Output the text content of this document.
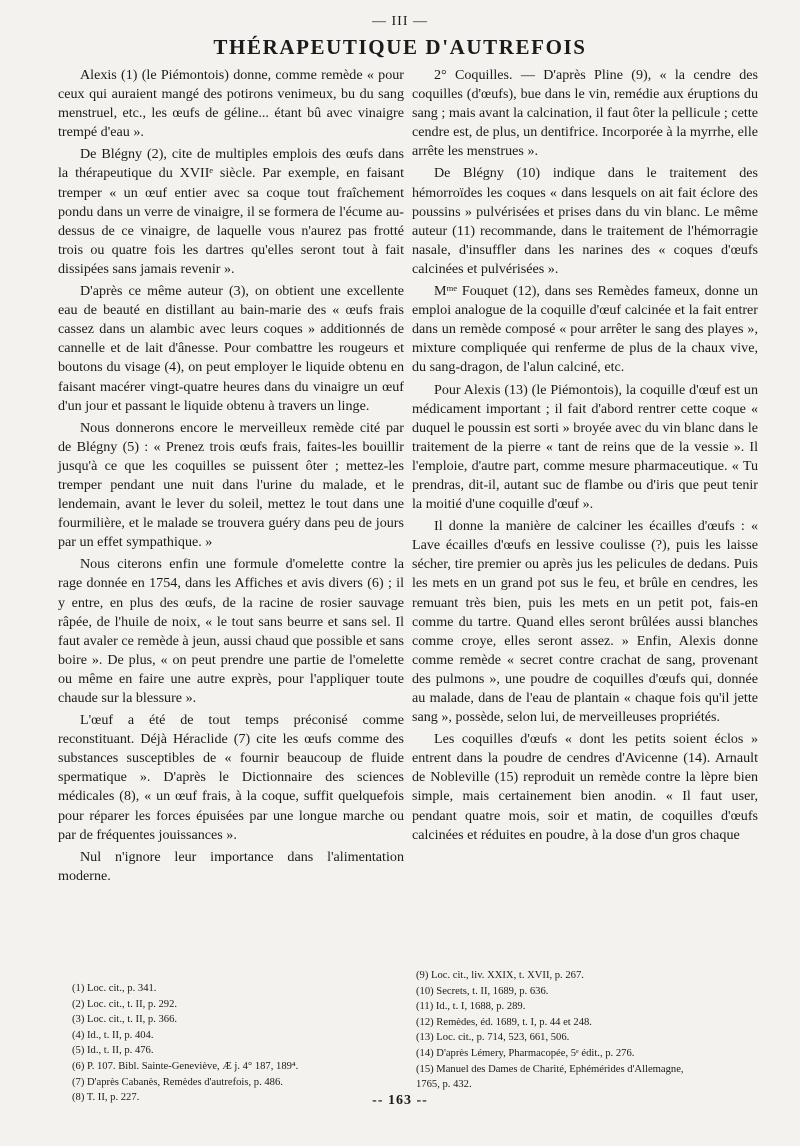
— III —
THÉRAPEUTIQUE D'AUTREFOIS

Alexis (1) (le Piémontois) donne, comme remède « pour ceux qui auraient mangé des potirons venimeux, bu du sang menstruel, etc., les œufs de géline... étant bû avec vinaigre trempé d'eau ».

De Blégny (2), cite de multiples emplois des œufs dans la thérapeutique du XVIIᵉ siècle. Par exemple, en faisant tremper « un œuf entier avec sa coque tout fraîchement pondu dans un verre de vinaigre, il se formera de l'écume au-dessus de ce vinaigre, de laquelle vous n'aurez pas frotté trois ou quatre fois les dartres qu'elles seront tout à fait dissipées sans jamais revenir ».

D'après ce même auteur (3), on obtient une excellente eau de beauté en distillant au bain-marie des « œufs frais cassez dans un alambic avec leurs coques » additionnés de cannelle et de lait d'ânesse. Pour combattre les rougeurs et boutons du visage (4), on peut employer le liquide obtenu en faisant macérer vingt-quatre heures dans du vinaigre un œuf d'un jour et passant le liquide obtenu à travers un linge.

Nous donnerons encore le merveilleux remède cité par de Blégny (5) : « Prenez trois œufs frais, faites-les bouillir jusqu'à ce que les coquilles se puissent ôter ; mettez-les tremper pendant une nuit dans l'urine du malade, et le lendemain, avant le lever du soleil, mettez le tout dans une fourmilière, et le malade se trouvera guéry dans peu de jours par un effet sympathique. »

Nous citerons enfin une formule d'omelette contre la rage donnée en 1754, dans les Affiches et avis divers (6) ; il y entre, en plus des œufs, de la racine de rosier sauvage râpée, de l'huile de noix, « le tout sans beurre et sans sel. Il faut avaler ce remède à jeun, aussi chaud que possible et sans boire ». De plus, « on peut prendre une partie de l'omelette ou même en faire une autre exprès, pour l'appliquer toute chaude sur la blessure ».

L'œuf a été de tout temps préconisé comme reconstituant. Déjà Héraclide (7) cite les œufs comme des substances susceptibles de « fournir beaucoup de fluide spermatique ». D'après le Dictionnaire des sciences médicales (8), « un œuf frais, à la coque, suffit quelquefois pour réparer les forces épuisées par une longue marche ou par de fréquentes jouissances ».

Nul n'ignore leur importance dans l'alimentation moderne.

2° Coquilles. — D'après Pline (9), « la cendre des coquilles (d'œufs), bue dans le vin, remédie aux éruptions du sang ; mais avant la calcination, il faut ôter la pellicule ; cette cendre est, de plus, un dentifrice. Incorporée à la myrrhe, elle arrête les menstrues ».

De Blégny (10) indique dans le traitement des hémorroïdes les coques « dans lesquels on ait fait éclore des poussins » pulvérisées et prises dans du vin blanc. Le même auteur (11) recommande, dans le traitement de l'hémorragie nasale, d'insuffler dans les narines des « coques d'œufs calcinées et pulvérisées ».

Mᵐᵉ Fouquet (12), dans ses Remèdes fameux, donne un emploi analogue de la coquille d'œuf calcinée et la fait entrer dans un remède composé « pour arrêter le sang des playes », mixture compliquée qui renferme de plus de la chaux vive, du sang-dragon, de l'alun calciné, etc.

Pour Alexis (13) (le Piémontois), la coquille d'œuf est un médicament important ; il fait d'abord rentrer cette coque « duquel le poussin est sorti » broyée avec du vin blanc dans le traitement de la pierre « tant de reins que de la vessie ». Il l'emploie, d'autre part, comme mesure pharmaceutique. « Tu prendras, dit-il, autant suc de flambe ou d'iris que peut tenir la moitié d'une coquille d'œuf ».

Il donne la manière de calciner les écailles d'œufs : « Lave écailles d'œufs en lessive coulisse (?), puis les laisse sécher, tire premier ou après jus les pelicules de dedans. Puis les mets en un grand pot sus le feu, et brûle en cendres, les remuant très bien, puis les mets en un petit pot, fais-en comme du tartre. Quand elles seront brûlées aussi blanches comme croye, elles seront assez. » Enfin, Alexis donne comme remède « secret contre crachat de sang, provenant des pulmons », une poudre de coquilles d'œufs qui, donnée au malade, dans de l'eau de plantain « chaque fois qu'il jette sang », possède, selon lui, de merveilleuses propriétés.

Les coquilles d'œufs « dont les petits soient éclos » entrent dans la poudre de cendres d'Avicenne (14). Arnault de Nobleville (15) reproduit un remède contre la lèpre bien simple, mais certainement bien anodin. « Il faut user, pendant quatre mois, soir et matin, de coquilles d'œufs calcinées et réduites en poudre, à la dose d'un gros chaque

(1) Loc. cit., p. 341.
(2) Loc. cit., t. II, p. 292.
(3) Loc. cit., t. II, p. 366.
(4) Id., t. II, p. 404.
(5) Id., t. II, p. 476.
(6) P. 107. Bibl. Sainte-Geneviève, Æ j. 4° 187, 189⁴.
(7) D'après Cabanès, Remèdes d'autrefois, p. 486.
(8) T. II, p. 227.
(9) Loc. cit., liv. XXIX, t. XVII, p. 267.
(10) Secrets, t. II, 1689, p. 636.
(11) Id., t. I, 1688, p. 289.
(12) Remèdes, éd. 1689, t. I, p. 44 et 248.
(13) Loc. cit., p. 714, 523, 661, 506.
(14) D'après Lémery, Pharmacopée, 5ᵉ édit., p. 276.
(15) Manuel des Dames de Charité, Ephémérides d'Allemagne,
1765, p. 432.
-- 163 --
